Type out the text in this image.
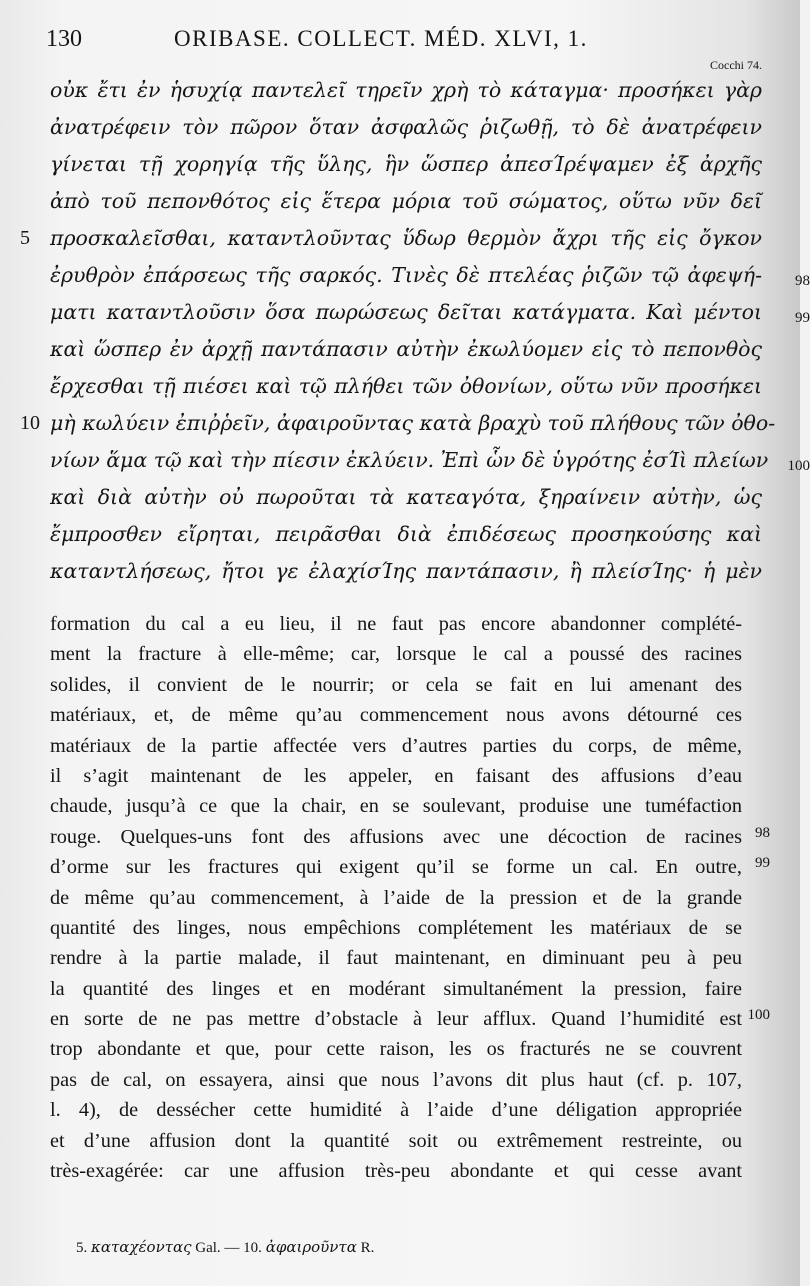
130	ORIBASE. COLLECT. MÉD. XLVI, 1.
Cocchi 74.
οὐκ ἔτι ἐν ἡσυχίᾳ παντελεῖ τηρεῖν χρὴ τὸ κάταγμα· προσήκει γὰρ
ἀνατρέφειν τὸν πῶρον ὅταν ἀσφαλῶς ῥιζωθῇ, τὸ δὲ ἀνατρέφειν
γίνεται τῇ χορηγίᾳ τῆς ὕλης, ἣν ὥσπερ ἀπεσΊρέψαμεν ἐξ ἀρχῆς
ἀπὸ τοῦ πεπονθότος εἰς ἕτερα μόρια τοῦ σώματος, οὕτω νῦν δεῖ
προσκαλεῖσθαι, καταντλοῦντας ὕδωρ θερμὸν ἄχρι τῆς εἰς ὄγκον
5
ἐρυθρὸν ἐπάρσεως τῆς σαρκός. Τινὲς δὲ πτελέας ῥιζῶν τῷ ἀφεψή- 98
ματι καταντλοῦσιν ὅσα πωρώσεως δεῖται κατάγματα. Καὶ μέντοι 99
καὶ ὥσπερ ἐν ἀρχῇ παντάπασιν αὐτὴν ἐκωλύομεν εἰς τὸ πεπονθὸς
ἔρχεσθαι τῇ πιέσει καὶ τῷ πλήθει τῶν ὀθονίων, οὕτω νῦν προσήκει
μὴ κωλύειν ἐπιῤῥεῖν, ἀφαιροῦντας κατὰ βραχὺ τοῦ πλήθους τῶν ὀθο-
10
νίων ἅμα τῷ καὶ τὴν πίεσιν ἐκλύειν. Ἐπὶ ὧν δὲ ὑγρότης ἐσΊὶ πλείων 100
καὶ διὰ αὐτὴν οὐ πωροῦται τὰ κατεαγότα, ξηραίνειν αὐτὴν, ὡς
ἔμπροσθεν εἴρηται, πειρᾶσθαι διὰ ἐπιδέσεως προσηκούσης καὶ
καταντλήσεως, ἤτοι γε ἐλαχίσΊης παντάπασιν, ἢ πλείσΊης· ἡ μὲν
formation du cal a eu lieu, il ne faut pas encore abandonner complété-
ment la fracture à elle-même; car, lorsque le cal a poussé des racines
solides, il convient de le nourrir; or cela se fait en lui amenant des
matériaux, et, de même qu’au commencement nous avons détourné ces
matériaux de la partie affectée vers d’autres parties du corps, de même,
il s’agit maintenant de les appeler, en faisant des affusions d’eau
chaude, jusqu’à ce que la chair, en se soulevant, produise une tuméfaction
rouge. Quelques-uns font des affusions avec une décoction de racines 98
d’orme sur les fractures qui exigent qu’il se forme un cal. En outre, 99
de même qu’au commencement, à l’aide de la pression et de la grande
quantité des linges, nous empêchions complétement les matériaux de se
rendre à la partie malade, il faut maintenant, en diminuant peu à peu
la quantité des linges et en modérant simultanément la pression, faire
en sorte de ne pas mettre d’obstacle à leur afflux. Quand l’humidité est 100
trop abondante et que, pour cette raison, les os fracturés ne se couvrent
pas de cal, on essayera, ainsi que nous l’avons dit plus haut (cf. p. 107,
l. 4), de dessécher cette humidité à l’aide d’une déligation appropriée
et d’une affusion dont la quantité soit ou extrêmement restreinte, ou
très-exagérée: car une affusion très-peu abondante et qui cesse avant
5. καταχέοντας Gal. — 10. ἀφαιροῦντα R.
